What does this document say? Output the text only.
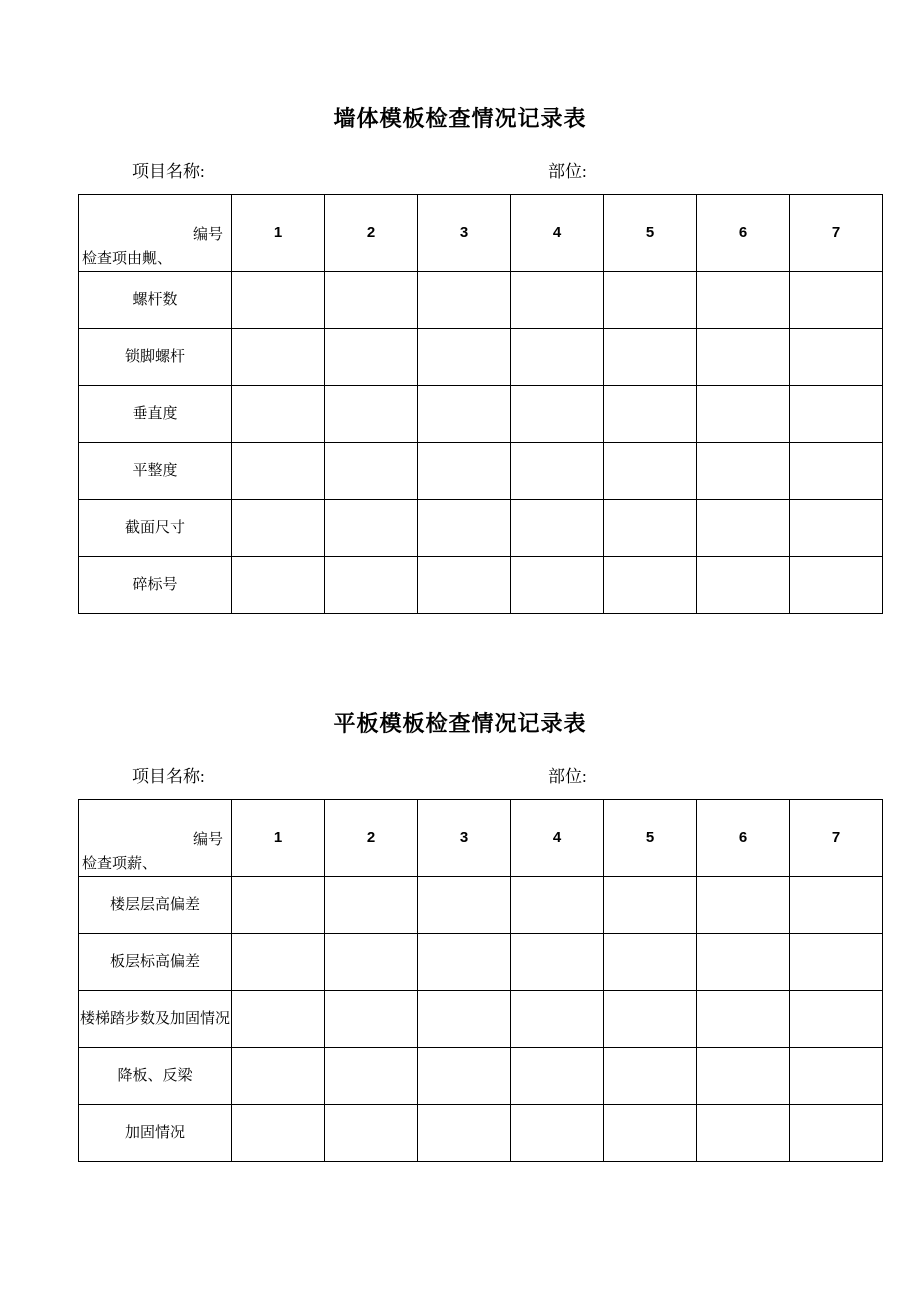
墙体模板检查情况记录表
项目名称:	部位:
编号
检查项由觍、	1	2	3	4	5	6	7
螺杆数							
锁脚螺杆							
垂直度							
平整度							
截面尺寸							
碎标号							
平板模板检查情况记录表
项目名称:	部位:
编号
检查项薪、	1	2	3	4	5	6	7
楼层层高偏差							
板层标高偏差							
楼梯踏步数及加固情况							
降板、反梁							
加固情况							
